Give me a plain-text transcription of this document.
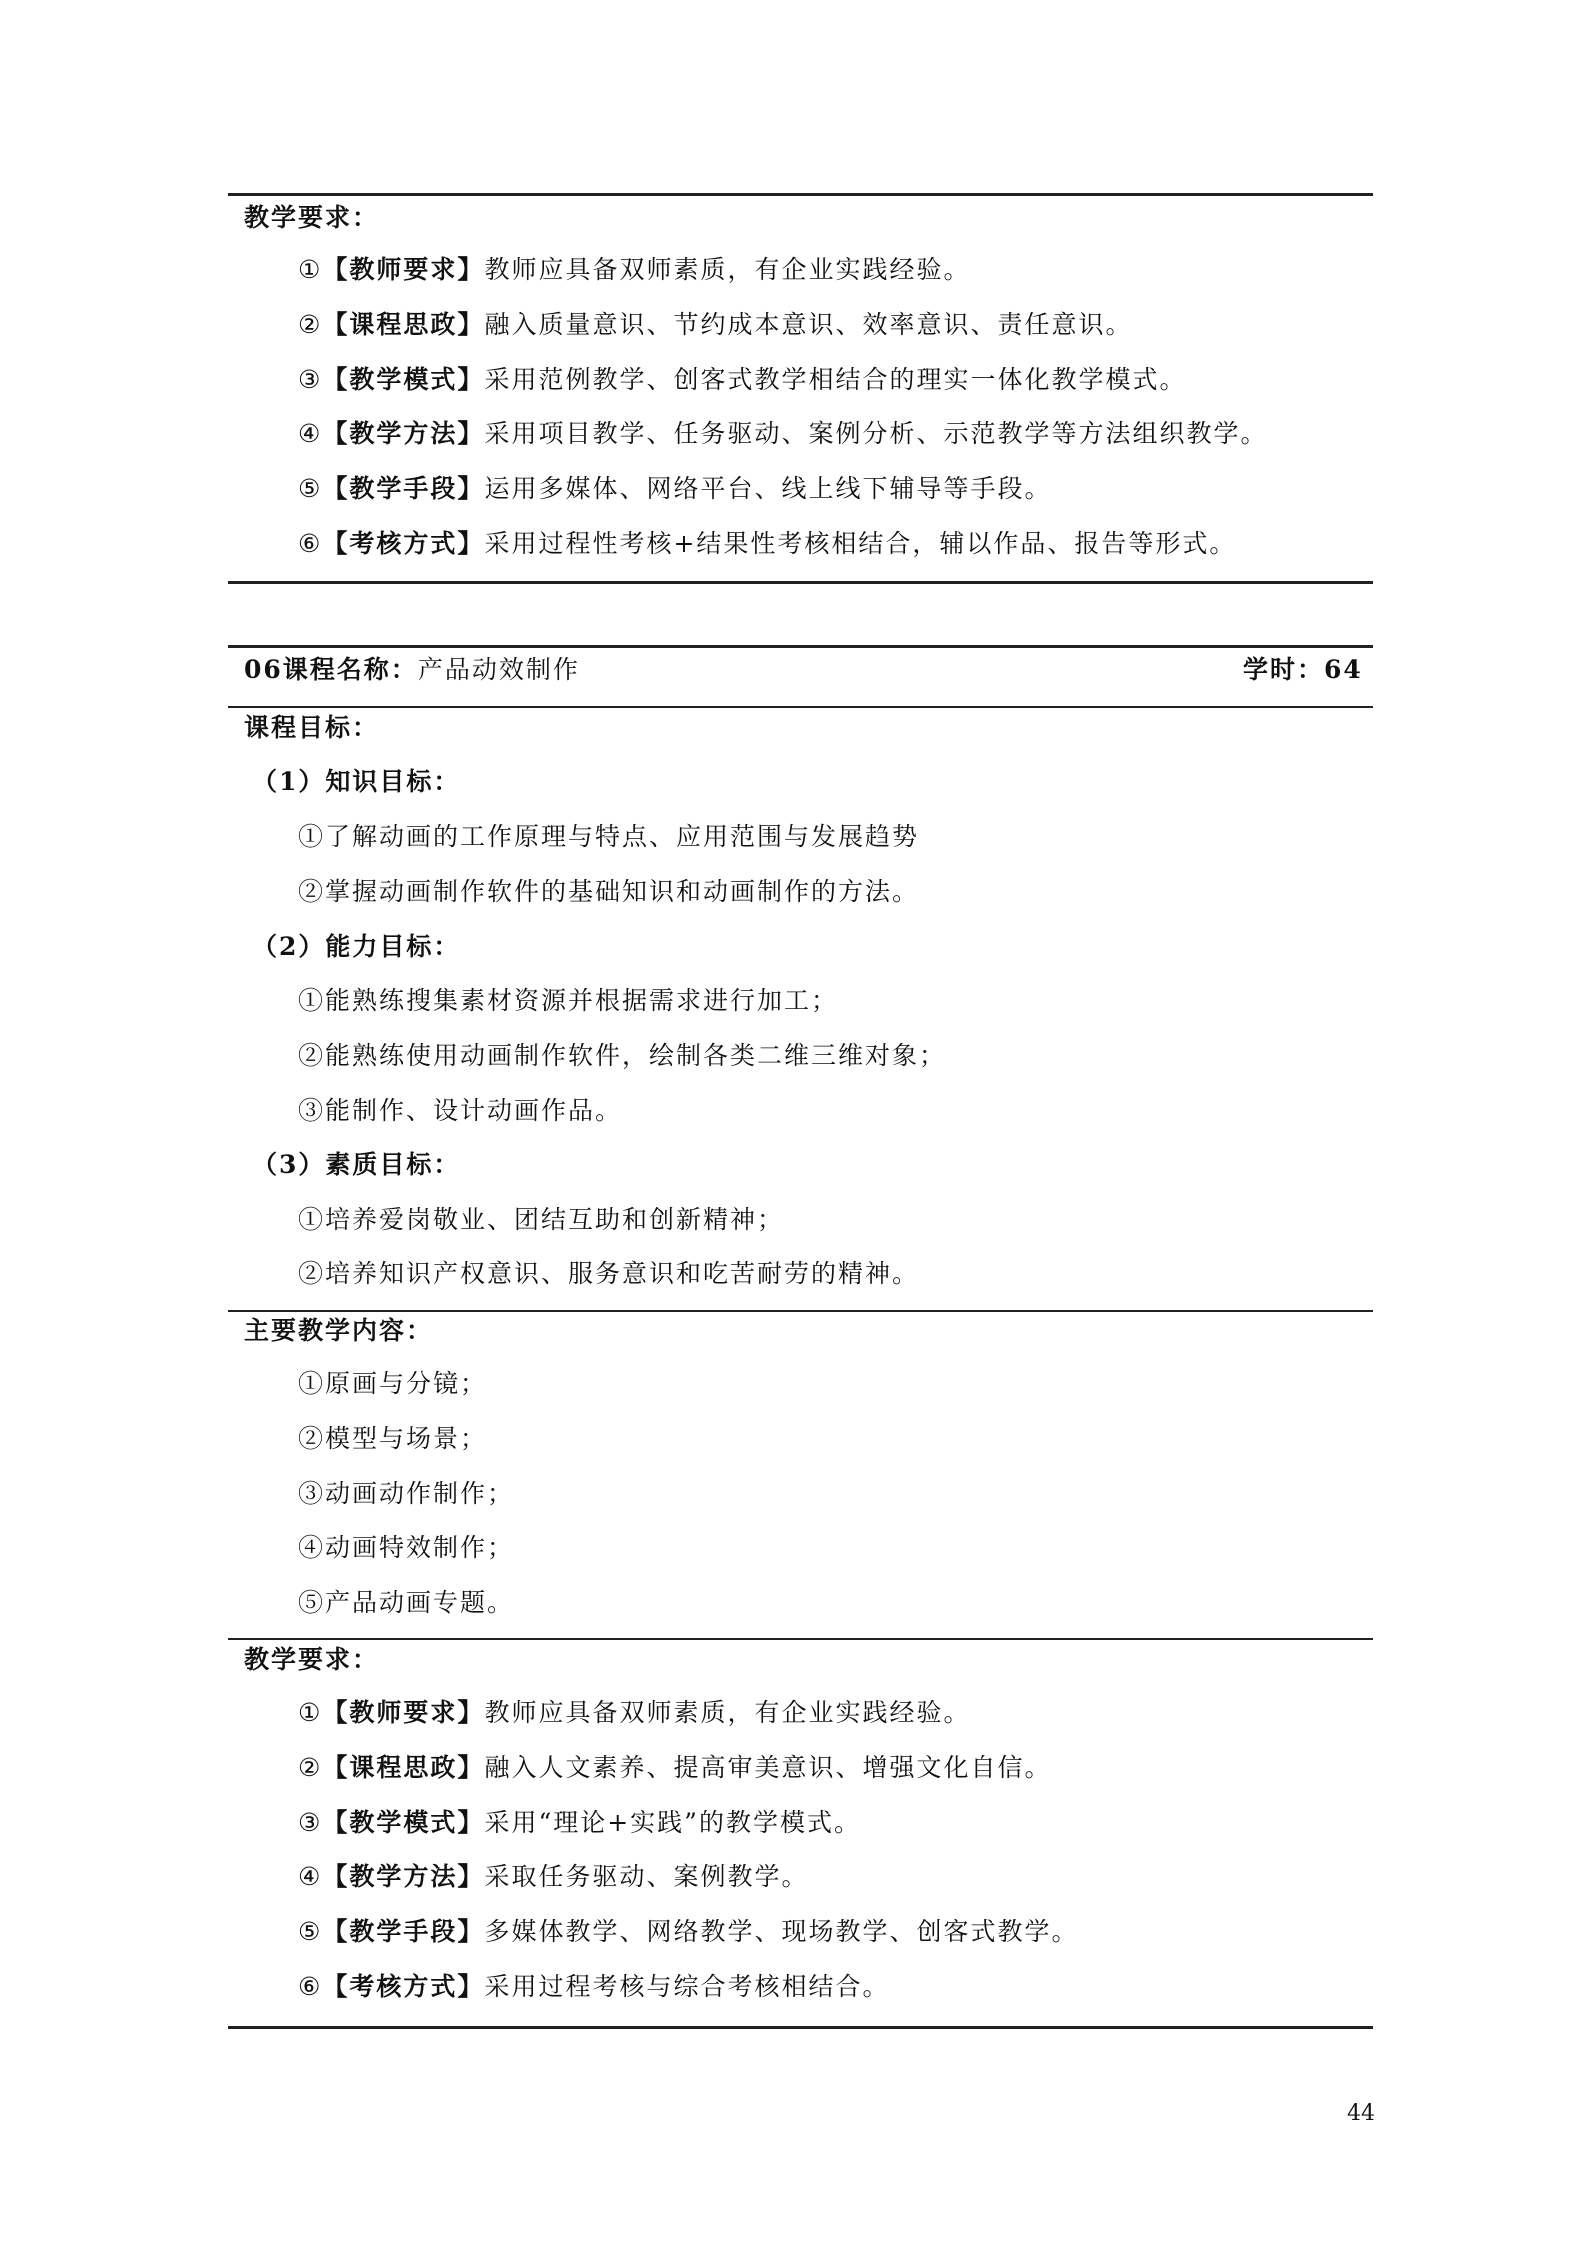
教学要求：
①【教师要求】教师应具备双师素质，有企业实践经验。
②【课程思政】融入质量意识、节约成本意识、效率意识、责任意识。
③【教学模式】采用范例教学、创客式教学相结合的理实一体化教学模式。
④【教学方法】采用项目教学、任务驱动、案例分析、示范教学等方法组织教学。
⑤【教学手段】运用多媒体、网络平台、线上线下辅导等手段。
⑥【考核方式】采用过程性考核+结果性考核相结合，辅以作品、报告等形式。
06课程名称：产品动效制作	学时：64
课程目标：
（1）知识目标：
①了解动画的工作原理与特点、应用范围与发展趋势
②掌握动画制作软件的基础知识和动画制作的方法。
（2）能力目标：
①能熟练搜集素材资源并根据需求进行加工；
②能熟练使用动画制作软件，绘制各类二维三维对象；
③能制作、设计动画作品。
（3）素质目标：
①培养爱岗敬业、团结互助和创新精神；
②培养知识产权意识、服务意识和吃苦耐劳的精神。
主要教学内容：
①原画与分镜；
②模型与场景；
③动画动作制作；
④动画特效制作；
⑤产品动画专题。
教学要求：
①【教师要求】教师应具备双师素质，有企业实践经验。
②【课程思政】融入人文素养、提高审美意识、增强文化自信。
③【教学模式】采用“理论+实践”的教学模式。
④【教学方法】采取任务驱动、案例教学。
⑤【教学手段】多媒体教学、网络教学、现场教学、创客式教学。
⑥【考核方式】采用过程考核与综合考核相结合。
44
